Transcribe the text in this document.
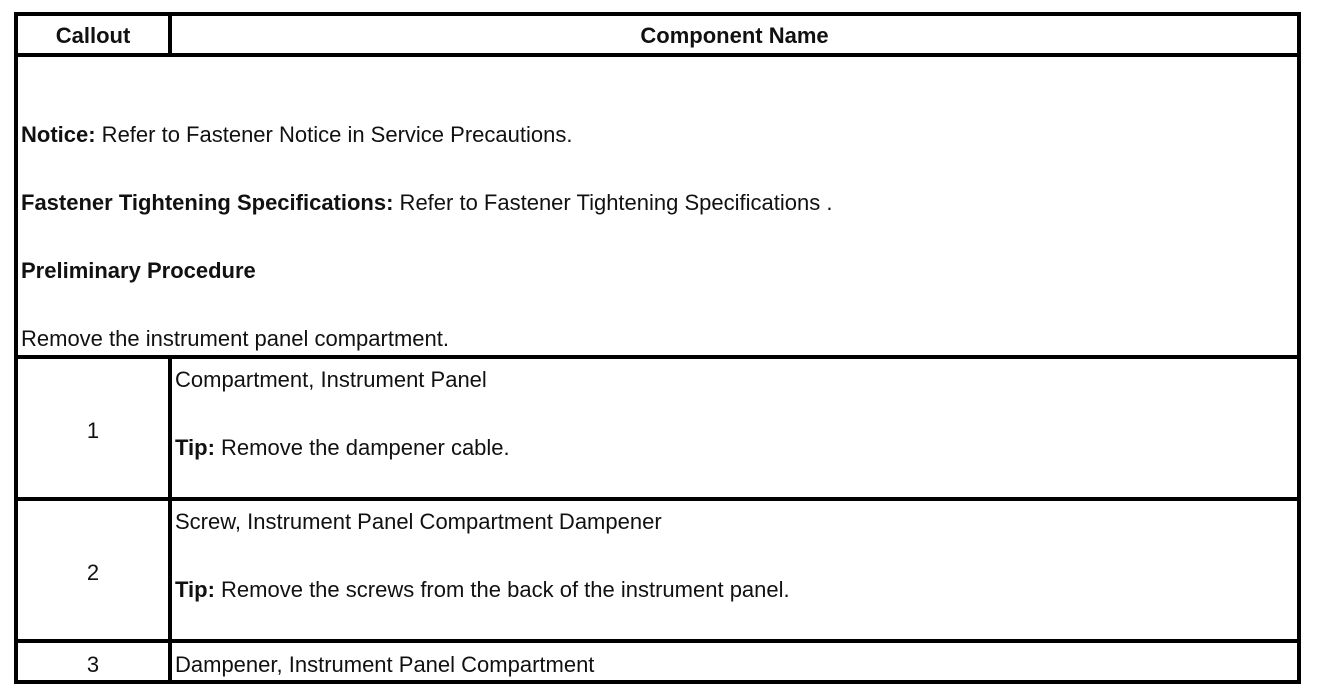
Callout	Component Name
Notice: Refer to Fastener Notice in Service Precautions.
Fastener Tightening Specifications: Refer to Fastener Tightening Specifications .
Preliminary Procedure
Remove the instrument panel compartment.
1
Compartment, Instrument Panel
Tip: Remove the dampener cable.
2
Screw, Instrument Panel Compartment Dampener
Tip: Remove the screws from the back of the instrument panel.
3	Dampener, Instrument Panel Compartment
